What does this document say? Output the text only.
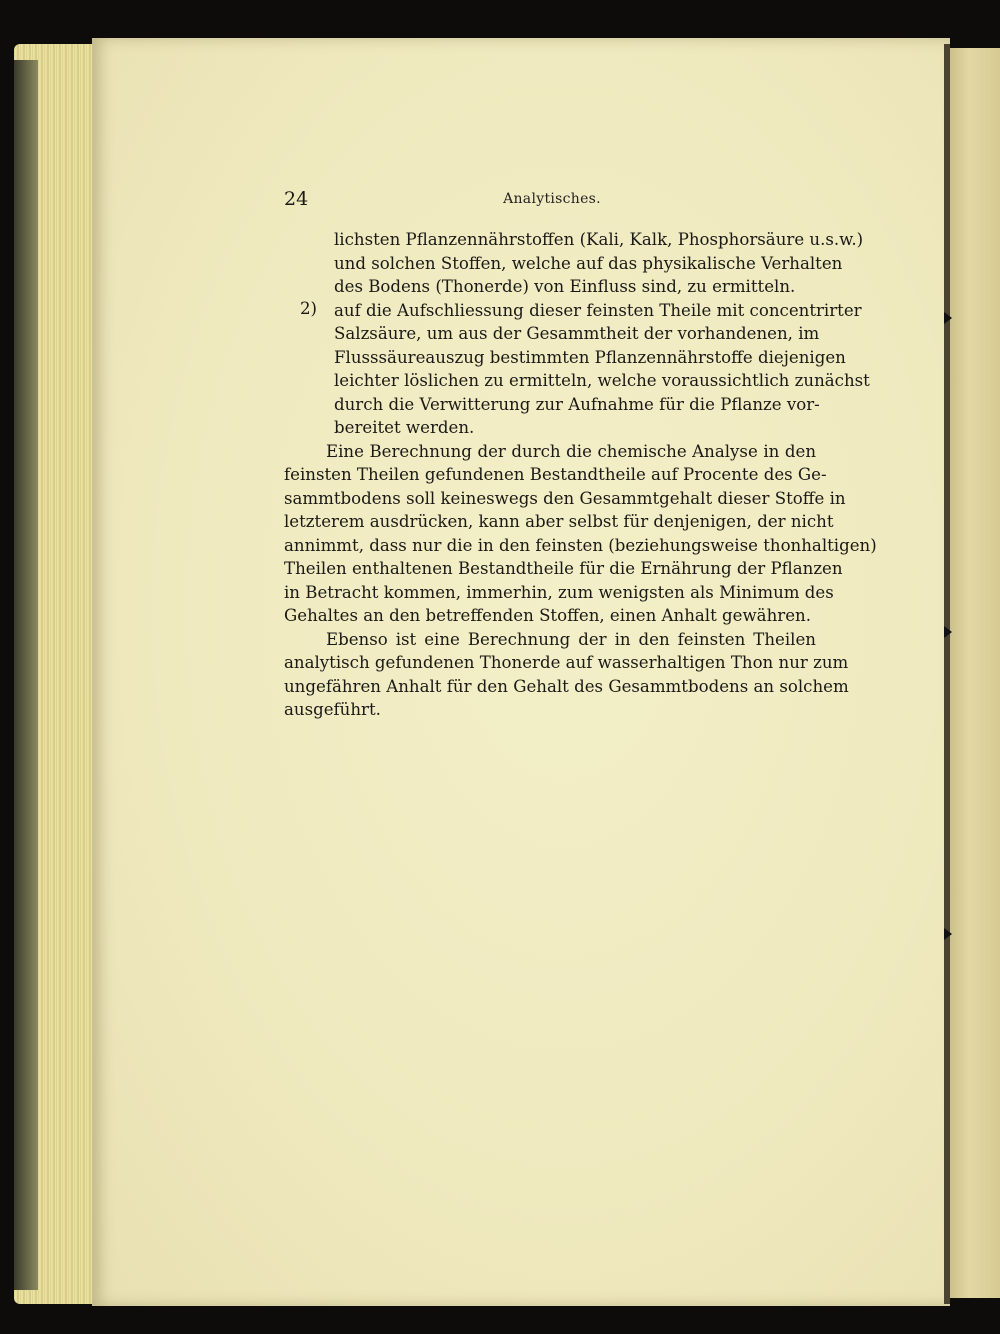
24	Analytisches.
lichsten Pflanzennährstoffen (Kali, Kalk, Phosphorsäure u.s.w.)
und solchen Stoffen, welche auf das physikalische Verhalten
des Bodens (Thonerde) von Einfluss sind, zu ermitteln.
2) auf die Aufschliessung dieser feinsten Theile mit concentrirter
Salzsäure, um aus der Gesammtheit der vorhandenen, im
Flusssäureauszug bestimmten Pflanzennährstoffe diejenigen
leichter löslichen zu ermitteln, welche voraussichtlich zunächst
durch die Verwitterung zur Aufnahme für die Pflanze vor-
bereitet werden.
Eine Berechnung der durch die chemische Analyse in den
feinsten Theilen gefundenen Bestandtheile auf Procente des Ge-
sammtbodens soll keineswegs den Gesammtgehalt dieser Stoffe in
letzterem ausdrücken, kann aber selbst für denjenigen, der nicht
annimmt, dass nur die in den feinsten (beziehungsweise thonhaltigen)
Theilen enthaltenen Bestandtheile für die Ernährung der Pflanzen
in Betracht kommen, immerhin, zum wenigsten als Minimum des
Gehaltes an den betreffenden Stoffen, einen Anhalt gewähren.
Ebenso ist eine Berechnung der in den feinsten Theilen
analytisch gefundenen Thonerde auf wasserhaltigen Thon nur zum
ungefähren Anhalt für den Gehalt des Gesammtbodens an solchem
ausgeführt.
